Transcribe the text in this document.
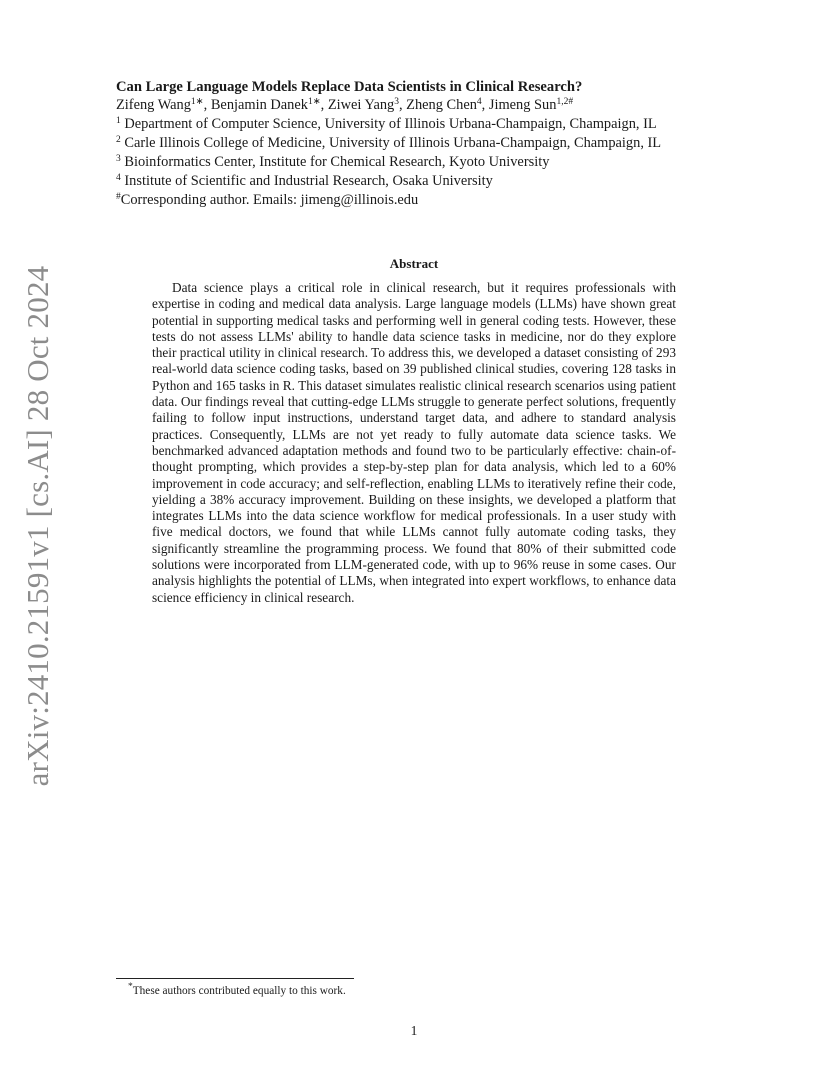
arXiv:2410.21591v1 [cs.AI] 28 Oct 2024

Can Large Language Models Replace Data Scientists in Clinical Research?

Zifeng Wang$^{1∗}$, Benjamin Danek$^{1∗}$, Ziwei Yang$^3$, Zheng Chen$^4$, Jimeng Sun$^{1,2\#}$

$^1$ Department of Computer Science, University of Illinois Urbana-Champaign, Champaign, IL

$^2$ Carle Illinois College of Medicine, University of Illinois Urbana-Champaign, Champaign, IL

$^3$ Bioinformatics Center, Institute for Chemical Research, Kyoto University

$^4$ Institute of Scientific and Industrial Research, Osaka University

#Corresponding author. Emails: jimeng@illinois.edu

Abstract

Data science plays a critical role in clinical research, but it requires professionals with expertise in coding and medical data analysis. Large language models (LLMs) have shown great potential in supporting medical tasks and performing well in general coding tests. However, these tests do not assess LLMs' ability to handle data science tasks in medicine, nor do they explore their practical utility in clinical research. To address this, we developed a dataset consisting of 293 real-world data science coding tasks, based on 39 published clinical studies, covering 128 tasks in Python and 165 tasks in R. This dataset simulates realistic clinical research scenarios using patient data. Our findings reveal that cutting-edge LLMs struggle to generate perfect solutions, frequently failing to follow input instructions, understand target data, and adhere to standard analysis practices. Consequently, LLMs are not yet ready to fully automate data science tasks. We benchmarked advanced adaptation methods and found two to be particularly effective: chain-of-thought prompting, which provides a step-by-step plan for data analysis, which led to a 60% improvement in code accuracy; and self-reflection, enabling LLMs to iteratively refine their code, yielding a 38% accuracy improvement. Building on these insights, we developed a platform that integrates LLMs into the data science workflow for medical professionals. In a user study with five medical doctors, we found that while LLMs cannot fully automate coding tasks, they significantly streamline the programming process. We found that 80% of their submitted code solutions were incorporated from LLM-generated code, with up to 96% reuse in some cases. Our analysis highlights the potential of LLMs, when integrated into expert workflows, to enhance data science efficiency in clinical research.

*These authors contributed equally to this work.

1
